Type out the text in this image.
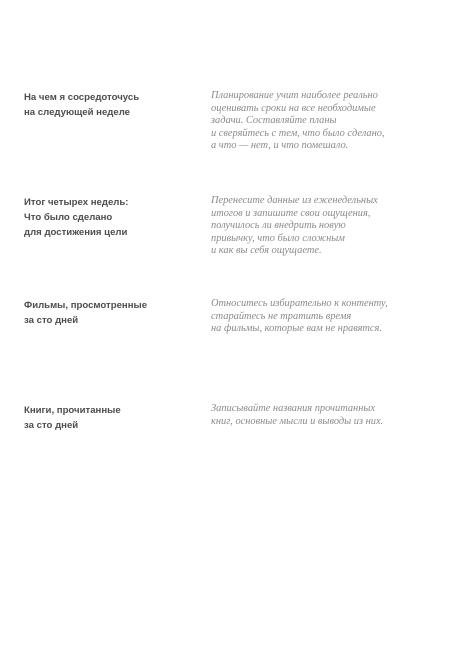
На чем я сосредоточусь
на следующей неделе
Планирование учит наиболее реально
оценивать сроки на все необходимые
задачи. Составляйте планы
и сверяйтесь с тем, что было сделано,
а что — нет, и что помешало.
Итог четырех недель:
Что было сделано
для достижения цели
Перенесите данные из еженедельных
итогов и запишите свои ощущения,
получилось ли внедрить новую
привычку, что было сложным
и как вы себя ощущаете.
Фильмы, просмотренные
за сто дней
Относитесь избирательно к контенту,
старайтесь не тратить время
на фильмы, которые вам не нравятся.
Книги, прочитанные
за сто дней
Записывайте названия прочитанных
книг, основные мысли и выводы из них.
